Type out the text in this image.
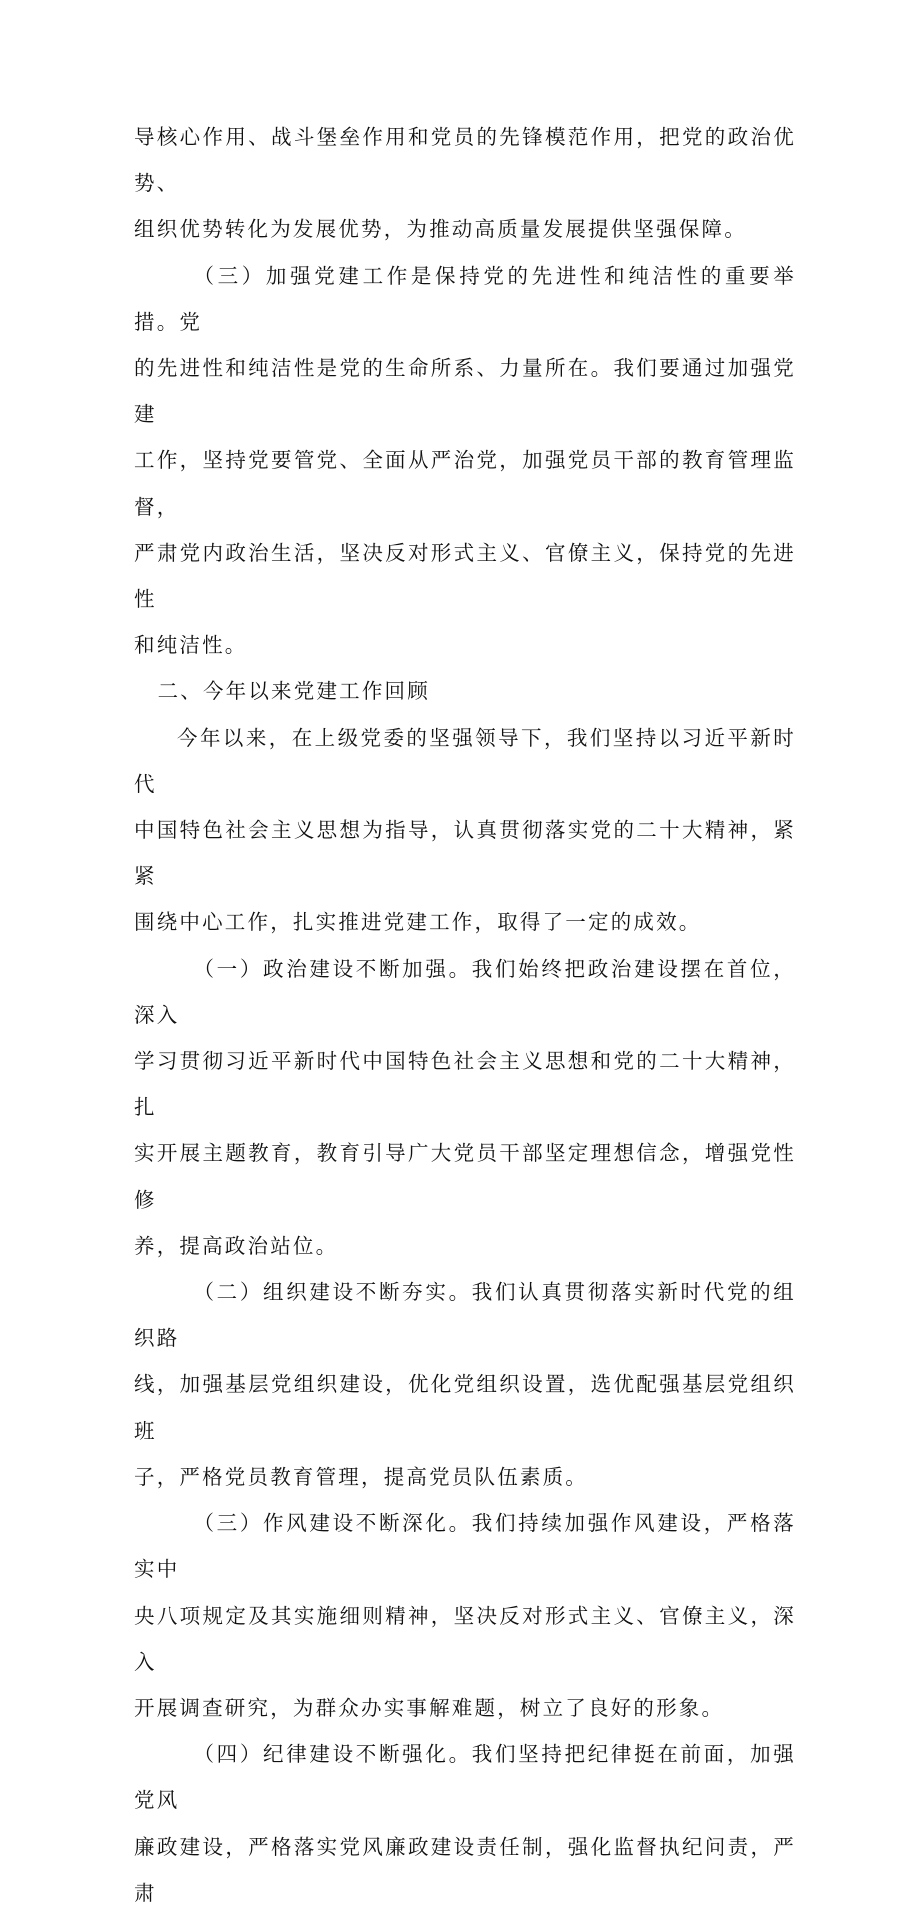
导核心作用、战斗堡垒作用和党员的先锋模范作用，把党的政治优势、
组织优势转化为发展优势，为推动高质量发展提供坚强保障。

（三）加强党建工作是保持党的先进性和纯洁性的重要举措。党
的先进性和纯洁性是党的生命所系、力量所在。我们要通过加强党建
工作，坚持党要管党、全面从严治党，加强党员干部的教育管理监督，
严肃党内政治生活，坚决反对形式主义、官僚主义，保持党的先进性
和纯洁性。

二、今年以来党建工作回顾

今年以来，在上级党委的坚强领导下，我们坚持以习近平新时代
中国特色社会主义思想为指导，认真贯彻落实党的二十大精神，紧紧
围绕中心工作，扎实推进党建工作，取得了一定的成效。

（一）政治建设不断加强。我们始终把政治建设摆在首位，深入
学习贯彻习近平新时代中国特色社会主义思想和党的二十大精神，扎
实开展主题教育，教育引导广大党员干部坚定理想信念，增强党性修
养，提高政治站位。

（二）组织建设不断夯实。我们认真贯彻落实新时代党的组织路
线，加强基层党组织建设，优化党组织设置，选优配强基层党组织班
子，严格党员教育管理，提高党员队伍素质。

（三）作风建设不断深化。我们持续加强作风建设，严格落实中
央八项规定及其实施细则精神，坚决反对形式主义、官僚主义，深入
开展调查研究，为群众办实事解难题，树立了良好的形象。

（四）纪律建设不断强化。我们坚持把纪律挺在前面，加强党风
廉政建设，严格落实党风廉政建设责任制，强化监督执纪问责，严肃
